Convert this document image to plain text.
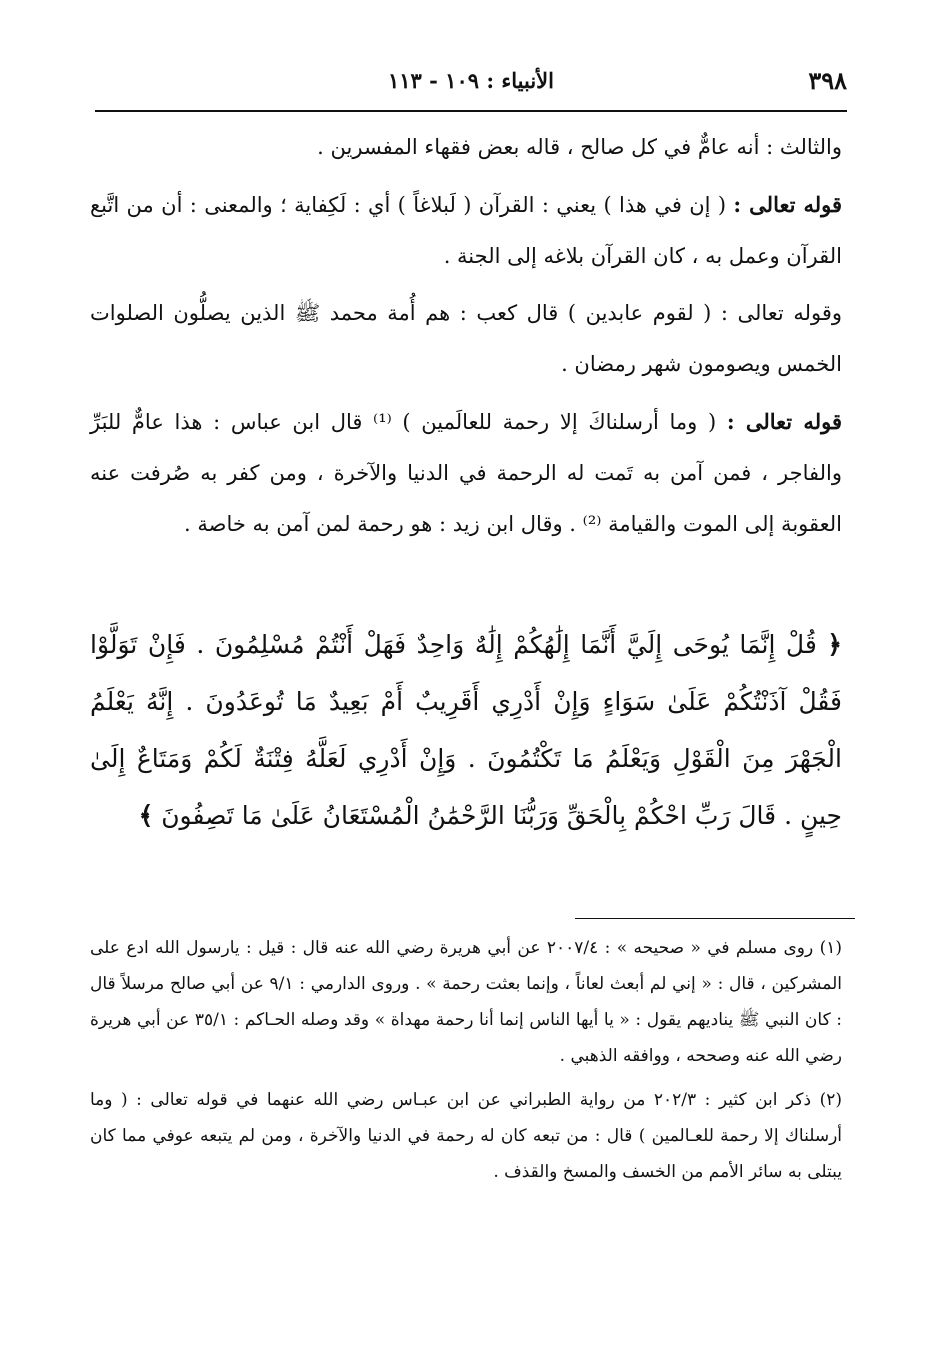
٣٩٨
الأنبياء : ١٠٩ - ١١٣

والثالث : أنه عامٌّ في كل صالح ، قاله بعض فقهاء المفسرين .

قوله تعالى : ( إن في هذا ) يعني : القرآن ( لَبلاغاً ) أي : لَكِفاية ؛ والمعنى : أن من اتَّبع القرآن وعمل به ، كان القرآن بلاغه إلى الجنة .

وقوله تعالى : ( لقوم عابدين ) قال كعب : هم أُمة محمد ﷺ الذين يصلُّون الصلوات الخمس ويصومون شهر رمضان .

قوله تعالى : ( وما أرسلناكَ إلا رحمة للعالَمين ) ⁽¹⁾ قال ابن عباس : هذا عامٌّ للبَرِّ والفاجر ، فمن آمن به تَمت له الرحمة في الدنيا والآخرة ، ومن كفر به صُرفت عنه العقوبة إلى الموت والقيامة ⁽²⁾ . وقال ابن زيد : هو رحمة لمن آمن به خاصة .

﴿ قُلْ إِنَّمَا يُوحَى إِلَيَّ أَنَّمَا إِلَٰهُكُمْ إِلَٰهٌ وَاحِدٌ فَهَلْ أَنْتُمْ مُسْلِمُونَ . فَإِنْ تَوَلَّوْا فَقُلْ آذَنْتُكُمْ عَلَىٰ سَوَاءٍ وَإِنْ أَدْرِي أَقَرِيبٌ أَمْ بَعِيدٌ مَا تُوعَدُونَ . إِنَّهُ يَعْلَمُ الْجَهْرَ مِنَ الْقَوْلِ وَيَعْلَمُ مَا تَكْتُمُونَ . وَإِنْ أَدْرِي لَعَلَّهُ فِتْنَةٌ لَكُمْ وَمَتَاعٌ إِلَىٰ حِينٍ . قَالَ رَبِّ احْكُمْ بِالْحَقِّ وَرَبُّنَا الرَّحْمَٰنُ الْمُسْتَعَانُ عَلَىٰ مَا تَصِفُونَ ﴾

(١) روى مسلم في « صحيحه » : ٢٠٠٧/٤ عن أبي هريرة رضي الله عنه قال : قيل : يارسول الله ادع على المشركين ، قال : « إني لم أبعث لعاناً ، وإنما بعثت رحمة » . وروى الدارمي : ٩/١ عن أبي صالح مرسلاً قال : كان النبي ﷺ يناديهم يقول : « يا أيها الناس إنما أنا رحمة مهداة » وقد وصله الحـاكم : ٣٥/١ عن أبي هريرة رضي الله عنه وصححه ، ووافقه الذهبي .

(٢) ذكر ابن كثير : ٢٠٢/٣ من رواية الطبراني عن ابن عبـاس رضي الله عنهما في قوله تعالى : ( وما أرسلناك إلا رحمة للعـالمين ) قال : من تبعه كان له رحمة في الدنيا والآخرة ، ومن لم يتبعه عوفي مما كان يبتلى به سائر الأمم من الخسف والمسخ والقذف .
